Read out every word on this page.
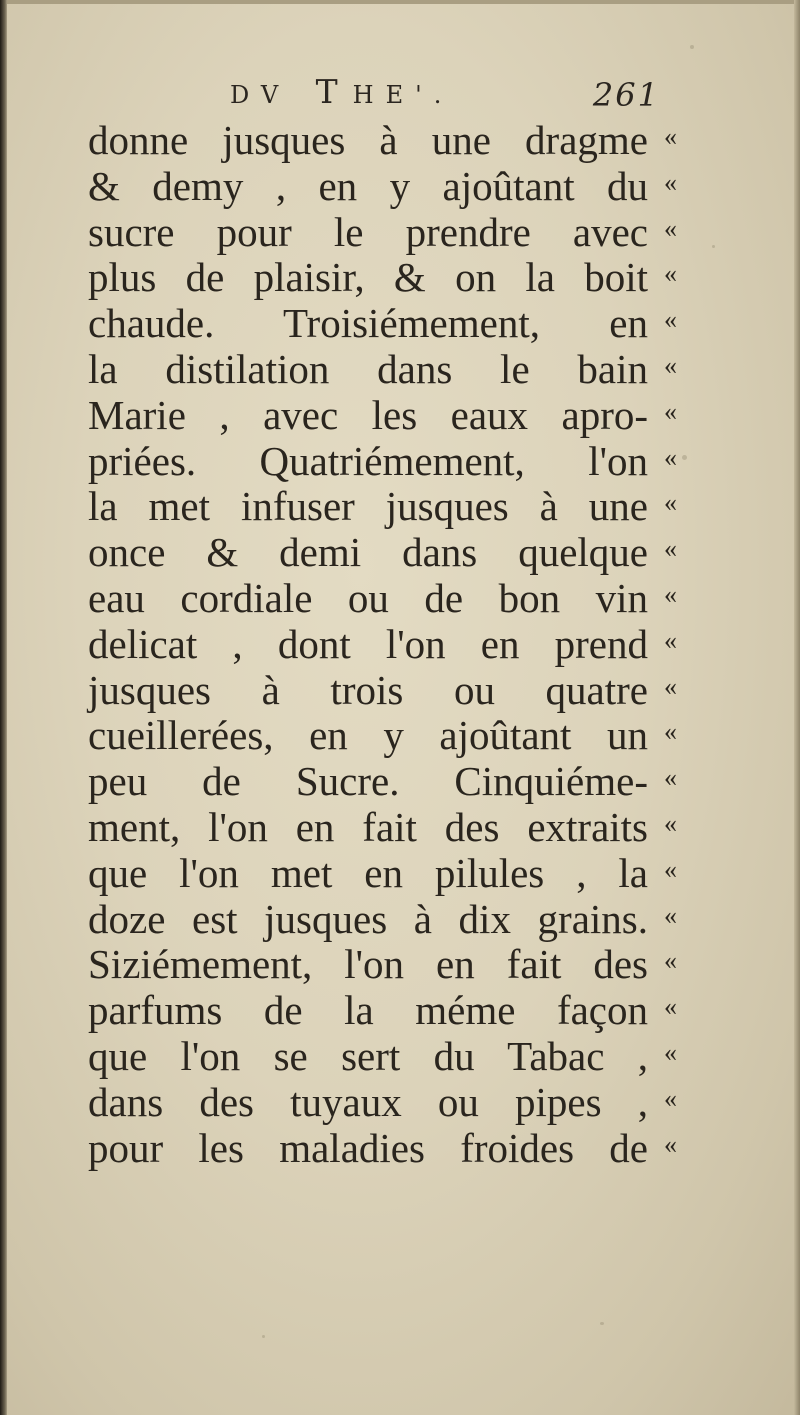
DV THE'.	261
donne jusques à une dragme «
& demy , en y ajoûtant du «
sucre pour le prendre avec «
plus de plaisir, & on la boit «
chaude. Troisiémement, en «
la distilation dans le bain «
Marie , avec les eaux apro- «
priées. Quatriémement, l'on «
la met infuser jusques à une «
once & demi dans quelque «
eau cordiale ou de bon vin «
delicat , dont l'on en prend «
jusques à trois ou quatre «
cueillerées, en y ajoûtant un «
peu de Sucre. Cinquiéme- «
ment, l'on en fait des extraits «
que l'on met en pilules , la «
doze est jusques à dix grains. «
Siziémement, l'on en fait des «
parfums de la méme façon «
que l'on se sert du Tabac , «
dans des tuyaux ou pipes , «
pour les maladies froides de «
